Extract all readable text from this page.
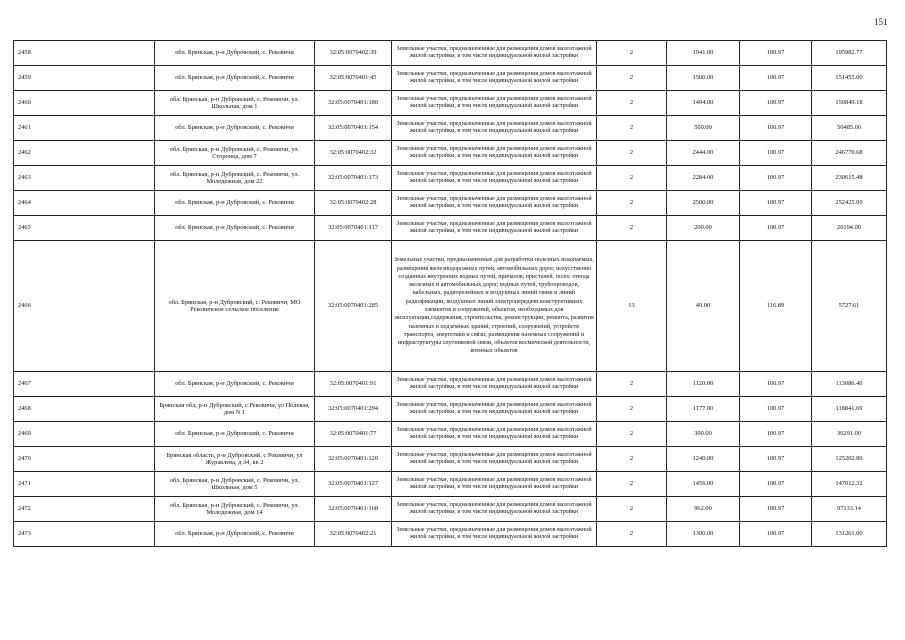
151
2458	обл. Брянская, р-н Дубровский, с. Рековичи	32:05:0070402:39	Земельные участки, предназначенные для размещения домов малоэтажной жилой застройки, в том числе индивидуальной жилой застройки	2	1941.00	100.97	195982.77
2459	обл. Брянская, р-н Дубровский, с. Рековичи	32:05:0070401:45	Земельные участки, предназначенные для размещения домов малоэтажной жилой застройки, в том числе индивидуальной жилой застройки	2	1500.00	100.97	151455.00
2460	обл. Брянская, р-н Дубровский, с. Рековичи, ул. Школьная, дом 1	32:05:0070401:180	Земельные участки, предназначенные для размещения домов малоэтажной жилой застройки, в том числе индивидуальной жилой застройки	2	1494.00	100.97	150849.18
2461	обл. Брянская, р-н Дубровский, с. Рековичи	32:05:0070401:154	Земельные участки, предназначенные для размещения домов малоэтажной жилой застройки, в том числе индивидуальной жилой застройки	2	500.00	100.97	50485.00
2462	обл. Брянская, р-н Дубровский, с. Рековичи, ул. Сторонца, дом 7	32:05:0070402:32	Земельные участки, предназначенные для размещения домов малоэтажной жилой застройки, в том числе индивидуальной жилой застройки	2	2444.00	100.97	246770.68
2463	обл. Брянская, р-н Дубровский, с. Рековичи, ул. Молодежная, дом 22	32:05:0070401:173	Земельные участки, предназначенные для размещения домов малоэтажной жилой застройки, в том числе индивидуальной жилой застройки	2	2284.00	100.97	230615.48
2464	обл. Брянская, р-н Дубровский, с. Рековичи	32:05:0070402:28	Земельные участки, предназначенные для размещения домов малоэтажной жилой застройки, в том числе индивидуальной жилой застройки	2	2500.00	100.97	252425.00
2465	обл. Брянская, р-н Дубровский, с. Рековичи	32:05:0070401:117	Земельные участки, предназначенные для размещения домов малоэтажной жилой застройки, в том числе индивидуальной жилой застройки	2	200.00	100.97	20194.00
2466	обл. Брянская, р-н Дубровский, с. Рековичи, МО Рековичское сельское поселение	32:05:0070401:285	Земельные участки, предназначенные для разработки полезных ископаемых, размещения железнодорожных путей, автомобильных дорог, искусственно созданных внутренних водных путей, причалов, пристаней, полос отвода железных и автомобильных дорог, водных путей, трубопроводов, кабельных, радиорелейных и воздушных линий связи и линий радиофикации, воздушных линий электропередачи конструктивных элементов и сооружений, объектов, необходимых для эксплуатации,содержания, строительства, реконструкции, ремонта, развития наземных и подземных зданий, строений, сооружений, устройств транспорта, энергетики и связи; размещения наземных сооружений и инфраструктуры спутниковой связи, объектов космической деятельности, военных объектов	13	49.00	116.89	5727.61
2467	обл. Брянская, р-н Дубровский, с. Рековичи	32:05:0070401:91	Земельные участки, предназначенные для размещения домов малоэтажной жилой застройки, в том числе индивидуальной жилой застройки	2	1120.00	100.97	113086.40
2468	Брянская обл, р-н Дубровский, с Рековичи, ул Полевая, дом N 1	32:05:0070401:294	Земельные участки, предназначенные для размещения домов малоэтажной жилой застройки, в том числе индивидуальной жилой застройки	2	1177.00	100.97	118841.69
2469	обл. Брянская, р-н Дубровский, с. Рековичи	32:05:0070401:77	Земельные участки, предназначенные для размещения домов малоэтажной жилой застройки, в том числе индивидуальной жилой застройки	2	300.00	100.97	30291.00
2470	Брянская область, р-н Дубровский, с Рековичи, ул Журавлева, д 34, кв 2	32:05:0070401:120	Земельные участки, предназначенные для размещения домов малоэтажной жилой застройки, в том числе индивидуальной жилой застройки	2	1240.00	100.97	125202.80
2471	обл. Брянская, р-н Дубровский, с. Рековичи, ул. Школьная, дом 5	32:05:0070401:127	Земельные участки, предназначенные для размещения домов малоэтажной жилой застройки, в том числе индивидуальной жилой застройки	2	1456.00	100.97	147012.32
2472	обл. Брянская, р-н Дубровский, с. Рековичи, ул. Молодежная, дом 14	32:05:0070401:168	Земельные участки, предназначенные для размещения домов малоэтажной жилой застройки, в том числе индивидуальной жилой застройки	2	962.00	100.97	97133.14
2473	обл. Брянская, р-н Дубровский, с. Рековичи	32:05:0070402:21	Земельные участки, предназначенные для размещения домов малоэтажной жилой застройки, в том числе индивидуальной жилой застройки	2	1300.00	100.97	131261.00
